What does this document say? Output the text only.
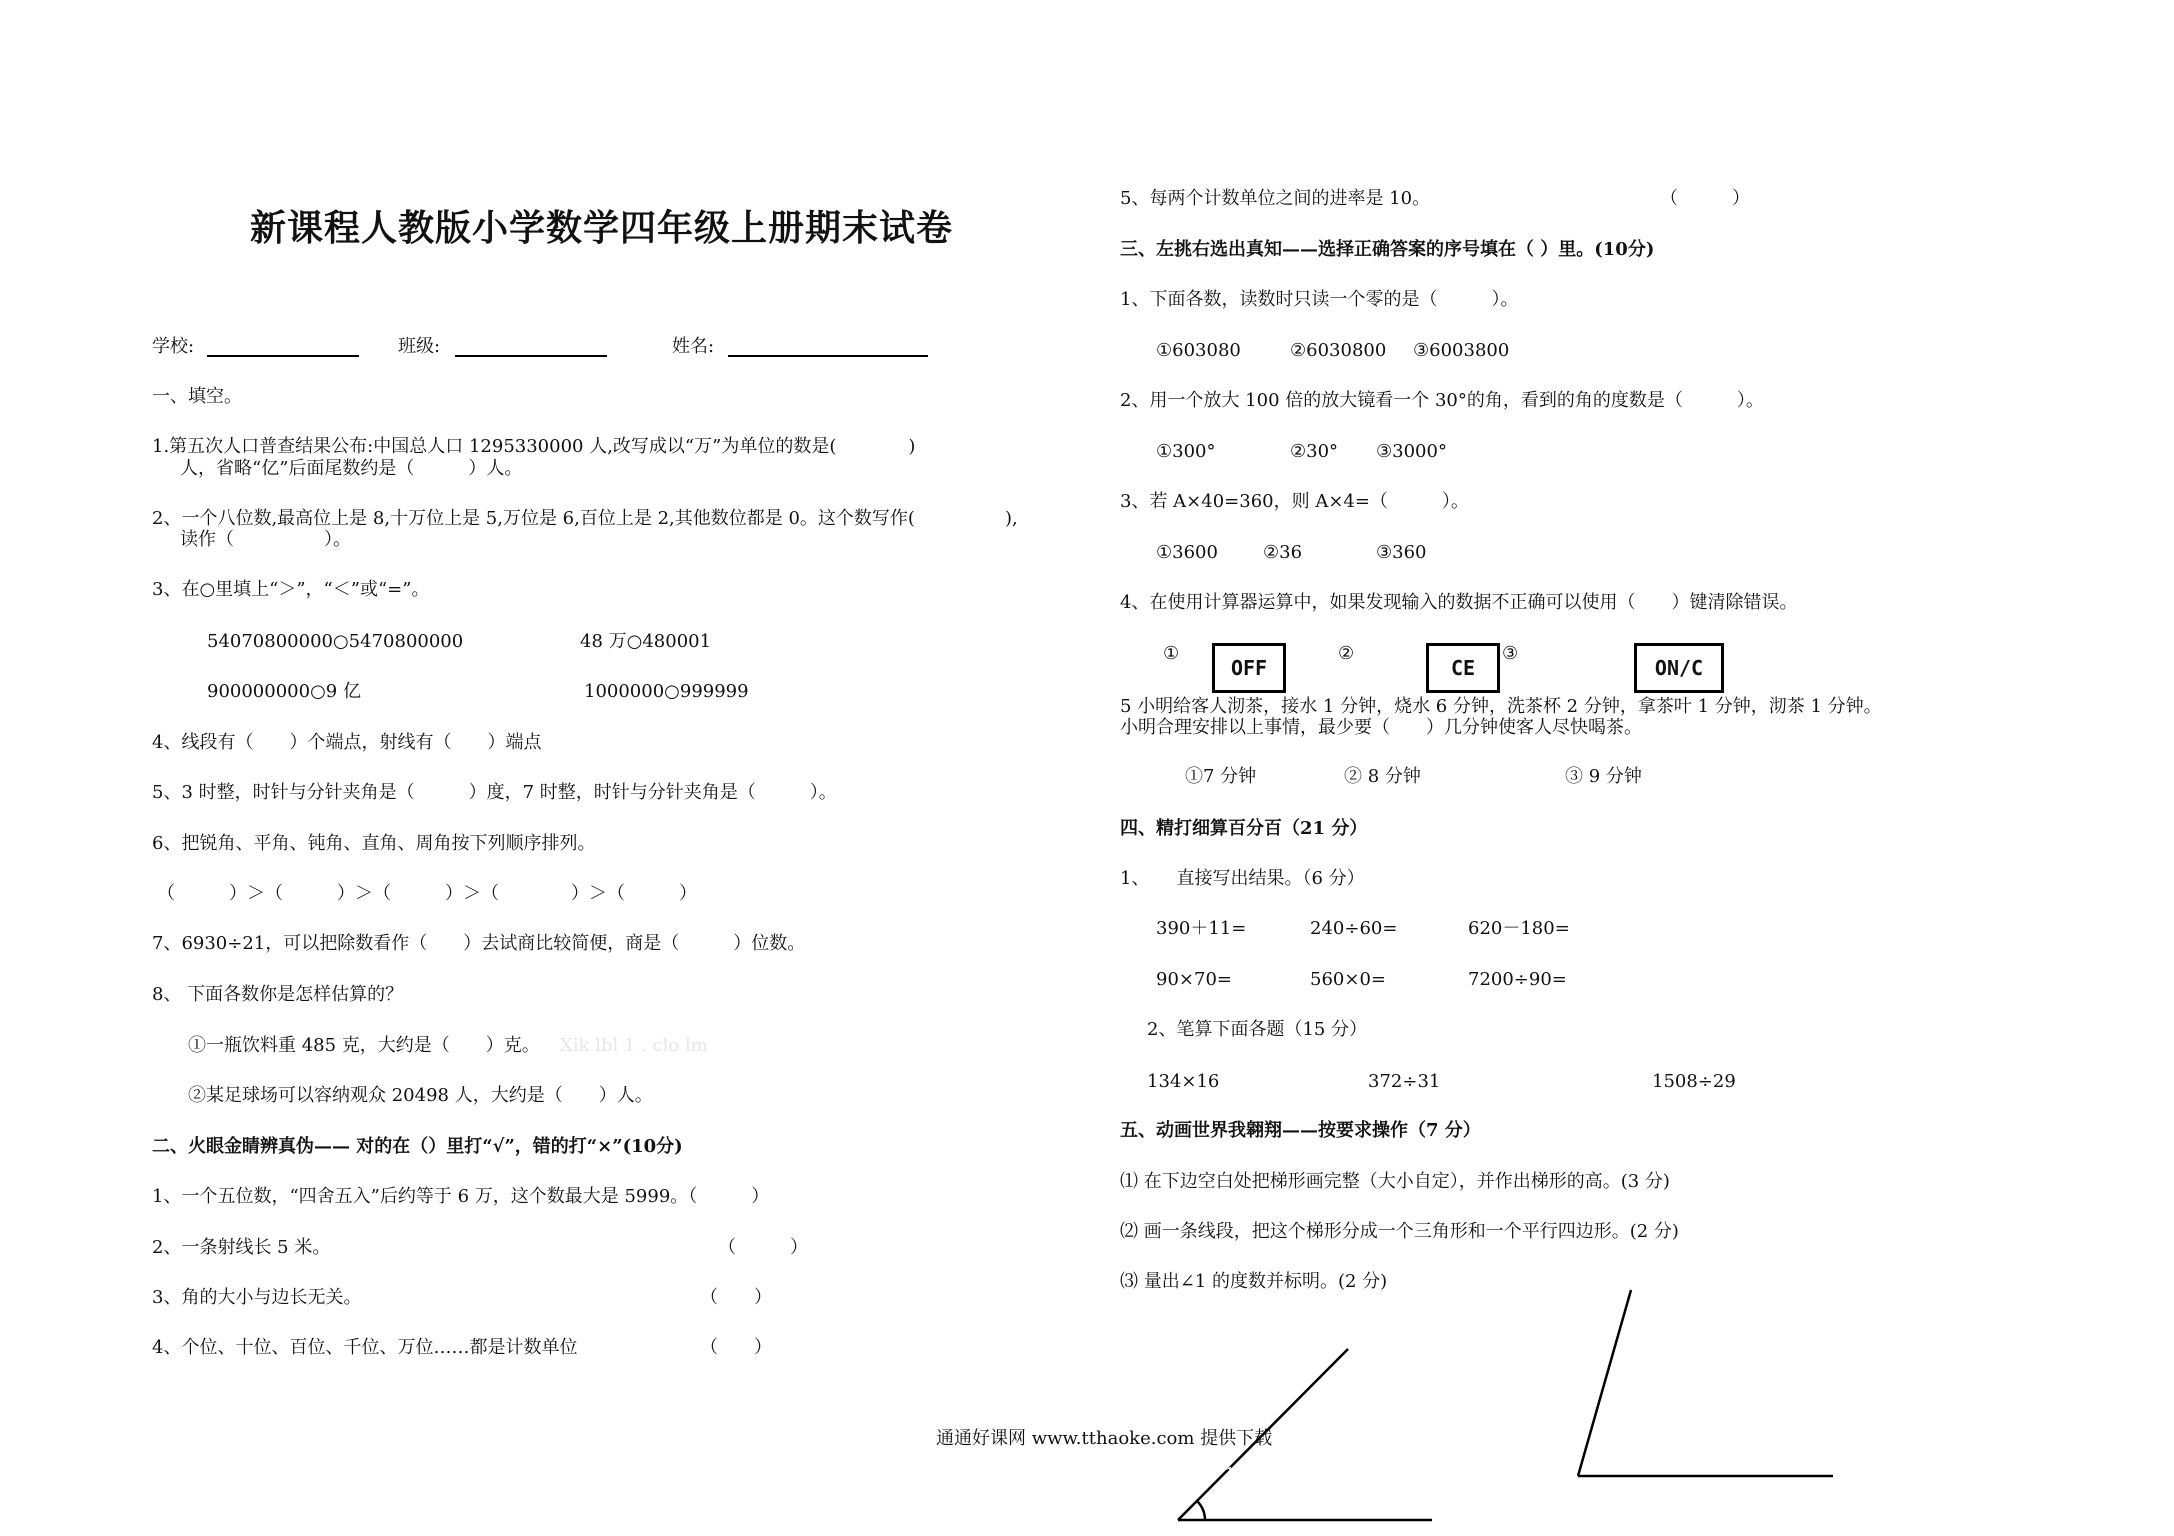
新课程人教版小学数学四年级上册期末试卷
学校:	班级:	姓名:
一、填空。
1.第五次人口普查结果公布:中国总人口 1295330000 人,改写成以“万”为单位的数是(　　　　)
人，省略“亿”后面尾数约是（　　　）人。
2、一个八位数,最高位上是 8,十万位上是 5,万位是 6,百位上是 2,其他数位都是 0。这个数写作(　　　　　),
读作（　　　　　）。
3、在○里填上“＞”，“＜”或“=”。
54070800000○5470800000	48 万○480001
900000000○9 亿	1000000○999999
4、线段有（　　）个端点，射线有（　　）端点
5、3 时整，时针与分针夹角是（　　　）度，7 时整，时针与分针夹角是（　　　）。
6、把锐角、平角、钝角、直角、周角按下列顺序排列。
（　　　）＞（　　　）＞（　　　）＞（　　　　）＞（　　　）
7、6930÷21，可以把除数看作（　　）去试商比较简便，商是（　　　）位数。
8、 下面各数你是怎样估算的？
①一瓶饮料重 485 克，大约是（　　）克。 Xik lbl 1 . clo lm
②某足球场可以容纳观众 20498 人，大约是（　　）人。
二、火眼金睛辨真伪—— 对的在（）里打“√”，错的打“×”(10分)
1、一个五位数，“四舍五入”后约等于 6 万，这个数最大是 5999。（　　　）
2、一条射线长 5 米。	（　　　）
3、角的大小与边长无关。	（　　）
4、个位、十位、百位、千位、万位……都是计数单位	（　　）
5、每两个计数单位之间的进率是 10。	（　　　）
三、左挑右选出真知——选择正确答案的序号填在（ ）里。(10分)
1、下面各数，读数时只读一个零的是（　　　）。
①603080	②6030800 ③6003800
2、用一个放大 100 倍的放大镜看一个 30°的角，看到的角的度数是（　　　）。
①300°	②30° ③3000°
3、若 A×40=360，则 A×4=（　　　）。
①3600	②36	③360
4、在使用计算器运算中，如果发现输入的数据不正确可以使用（　　）键清除错误。
①
OFF
②
CE
③
ON/C
5 小明给客人沏茶，接水 1 分钟，烧水 6 分钟，洗茶杯 2 分钟，拿茶叶 1 分钟，沏茶 1 分钟。
小明合理安排以上事情，最少要（　　）几分钟使客人尽快喝茶。
①7 分钟	② 8 分钟	③ 9 分钟
四、精打细算百分百（21 分）
1、　　直接写出结果。（6 分）
390＋11=	240÷60=	620－180=
90×70=	560×0=	7200÷90=
2、笔算下面各题（15 分）
134×16	372÷31	1508÷29
五、动画世界我翱翔——按要求操作（7 分）
⑴ 在下边空白处把梯形画完整（大小自定），并作出梯形的高。(3 分)
⑵ 画一条线段，把这个梯形分成一个三角形和一个平行四边形。(2 分)
⑶ 量出∠1 的度数并标明。(2 分)
1
通通好课网 www.tthaoke.com 提供下载
